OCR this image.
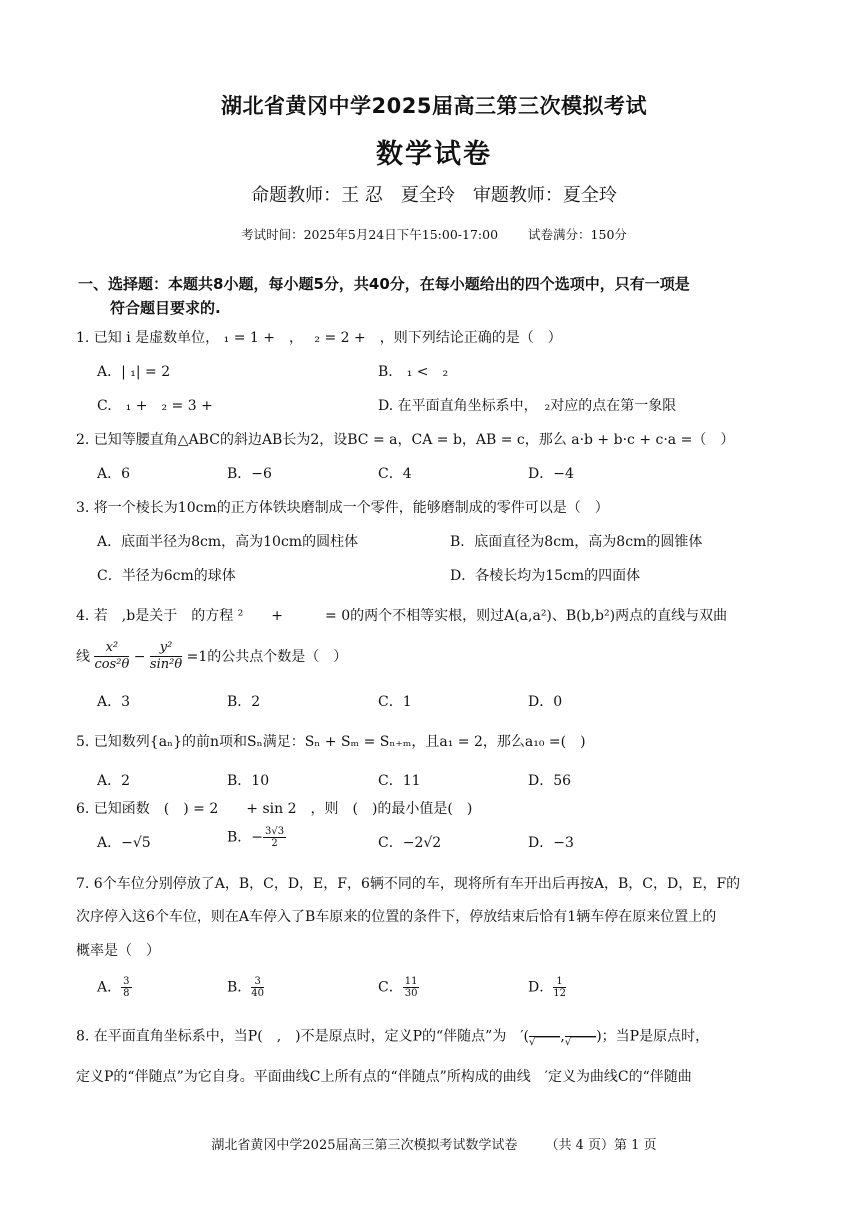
湖北省黄冈中学2025届高三第三次模拟考试
数学试卷
命题教师：王 忍　夏全玲　审题教师：夏全玲
考试时间：2025年5月24日下午15:00-17:00 试卷满分：150分
一、选择题：本题共8小题，每小题5分，共40分，在每小题给出的四个选项中，只有一项是
符合题目要求的.
1. 已知 i 是虚数单位， ₁ = 1 +　，　 ₂ = 2 +　，则下列结论正确的是（　）
A．| ₁| = 2	B.　₁ <　₂
C.　₁ +　₂ = 3 +	D. 在平面直角坐标系中，　₂对应的点在第一象限
2. 已知等腰直角△ABC的斜边AB长为2，设BC = a，CA = b，AB = c，那么 a·b + b·c + c·a =（　）
A．6	B．−6	C．4	D．−4
3. 将一个棱长为10cm的正方体铁块磨制成一个零件，能够磨制成的零件可以是（　）
A．底面半径为8cm，高为10cm的圆柱体	B．底面直径为8cm，高为8cm的圆锥体
C．半径为6cm的球体	D．各棱长均为15cm的四面体
4. 若　,b是关于　的方程 ²　　+　　　= 0的两个不相等实根，则过A(a,a²)、B(b,b²)两点的直线与双曲
线 $\frac{\text{x²}}{\text{cos²θ}} - \frac{\text{y²}}{\text{sin²θ}} =1$的公共点个数是（　）
A．3	B．2	C．1	D．0
5. 已知数列{aₙ}的前n项和Sₙ满足：Sₙ + Sₘ = Sₙ₊ₘ，且a₁ = 2，那么a₁₀ =(　)
A．2	B．10	C．11	D．56
6. 已知函数　(　) = 2　　+ sin 2　，则　(　)的最小值是(　)
A．−√5	B．− $\frac{3√3}{2}$	C．−2√2	D．−3
7. 6个车位分别停放了A，B，C，D，E，F，6辆不同的车，现将所有车开出后再按A，B，C，D，E，F的
次序停入这6个车位，则在A车停入了B车原来的位置的条件下，停放结束后恰有1辆车停在原来位置上的
概率是（　）
A． $\frac{3}{8}$	B． $\frac{3}{40}$	C． $\frac{11}{30}$	D． $\frac{1}{12}$
8. 在平面直角坐标系中，当P(　,　)不是原点时，定义P的“伴随点”为　′(
√‾‾‾‾‾ ,
√‾‾‾‾‾ )；当P是原点时，
定义P的“伴随点”为它自身。平面曲线C上所有点的“伴随点”所构成的曲线　′定义为曲线C的“伴随曲
湖北省黄冈中学2025届高三第三次模拟考试数学试卷 （共 4 页）第 1 页
